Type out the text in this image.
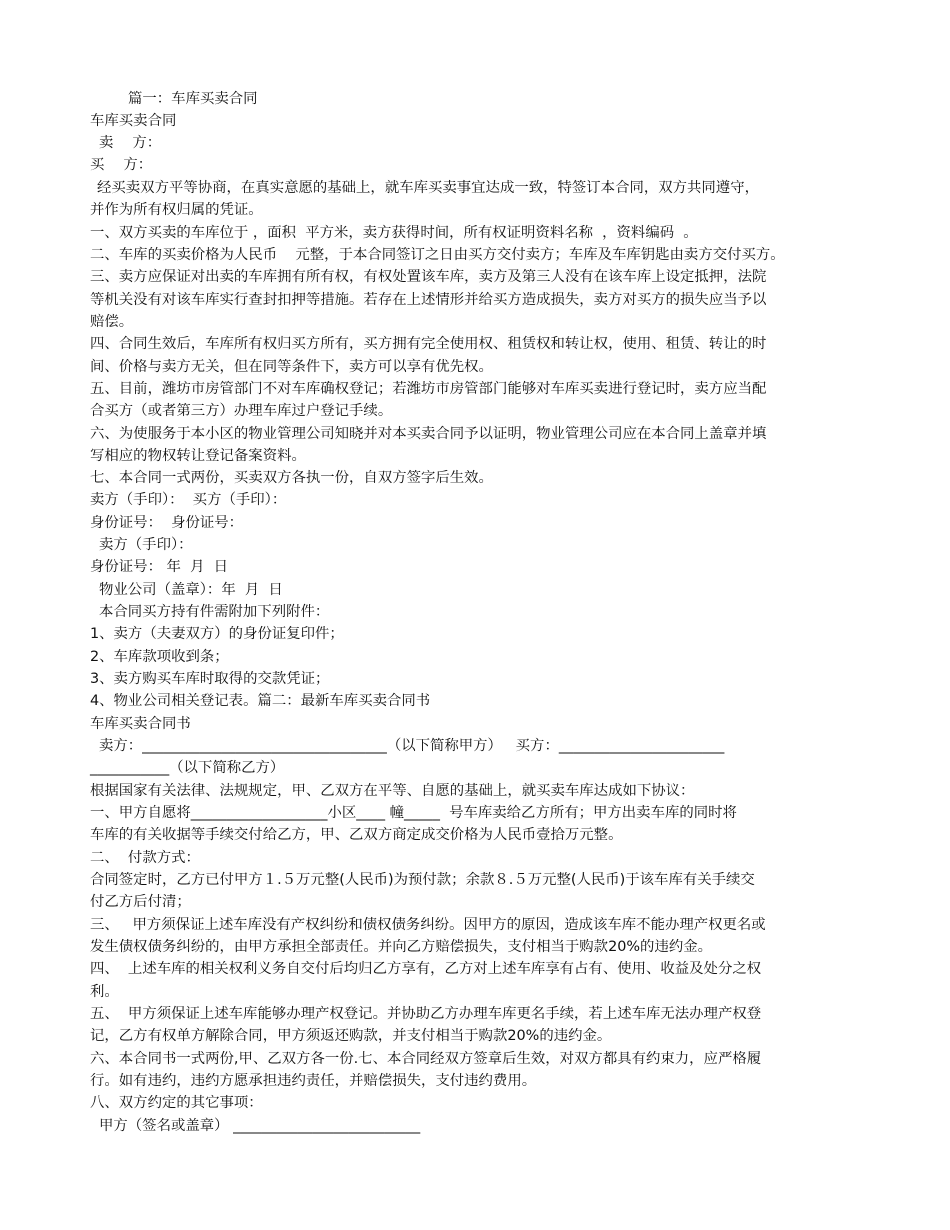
篇一：车库买卖合同
车库买卖合同
卖　 方：
买　 方：
经买卖双方平等协商，在真实意愿的基础上，就车库买卖事宜达成一致，特签订本合同，双方共同遵守，
并作为所有权归属的凭证。
一、双方买卖的车库位于 ，面积  平方米，卖方获得时间，所有权证明资料名称  ，资料编码  。
二、车库的买卖价格为人民币    元整，于本合同签订之日由买方交付卖方；车库及车库钥匙由卖方交付买方。
三、卖方应保证对出卖的车库拥有所有权，有权处置该车库，卖方及第三人没有在该车库上设定抵押，法院
等机关没有对该车库实行查封扣押等措施。若存在上述情形并给买方造成损失，卖方对买方的损失应当予以
赔偿。
四、合同生效后，车库所有权归买方所有，买方拥有完全使用权、租赁权和转让权，使用、租赁、转让的时
间、价格与卖方无关，但在同等条件下，卖方可以享有优先权。
五、目前，潍坊市房管部门不对车库确权登记；若潍坊市房管部门能够对车库买卖进行登记时，卖方应当配
合买方（或者第三方）办理车库过户登记手续。
六、为使服务于本小区的物业管理公司知晓并对本买卖合同予以证明，物业管理公司应在本合同上盖章并填
写相应的物权转让登记备案资料。
七、本合同一式两份，买卖双方各执一份，自双方签字后生效。
卖方（手印）：  买方（手印）：
身份证号：  身份证号：
卖方（手印）：
身份证号： 年  月  日
物业公司（盖章）：年  月  日
本合同买方持有件需附加下列附件：
1、卖方（夫妻双方）的身份证复印件；
2、车库款项收到条；
3、卖方购买车库时取得的交款凭证；
4、物业公司相关登记表。篇二：最新车库买卖合同书
车库买卖合同书
卖方：__________________________________（以下简称甲方）   买方：_______________________
___________（以下简称乙方）
根据国家有关法律、法规规定，甲、乙双方在平等、自愿的基础上，就买卖车库达成如下协议：
一、甲方自愿将___________________小区____ 幢_____  号车库卖给乙方所有；甲方出卖车库的同时将
车库的有关收据等手续交付给乙方，甲、乙双方商定成交价格为人民币壹拾万元整。
二、  付款方式：
合同签定时，乙方已付甲方１.５万元整(人民币)为预付款；余款８.５万元整(人民币)于该车库有关手续交
付乙方后付清；
三、   甲方须保证上述车库没有产权纠纷和债权债务纠纷。因甲方的原因，造成该车库不能办理产权更名或
发生债权债务纠纷的，由甲方承担全部责任。并向乙方赔偿损失，支付相当于购款20%的违约金。
四、  上述车库的相关权利义务自交付后均归乙方享有，乙方对上述车库享有占有、使用、收益及处分之权
利。
五、  甲方须保证上述车库能够办理产权登记。并协助乙方办理车库更名手续，若上述车库无法办理产权登
记，乙方有权单方解除合同，甲方须返还购款，并支付相当于购款20%的违约金。
六、本合同书一式两份,甲、乙双方各一份.七、本合同经双方签章后生效，对双方都具有约束力，应严格履
行。如有违约，违约方愿承担违约责任，并赔偿损失，支付违约费用。
八、双方约定的其它事项：
甲方（签名或盖章） __________________________
